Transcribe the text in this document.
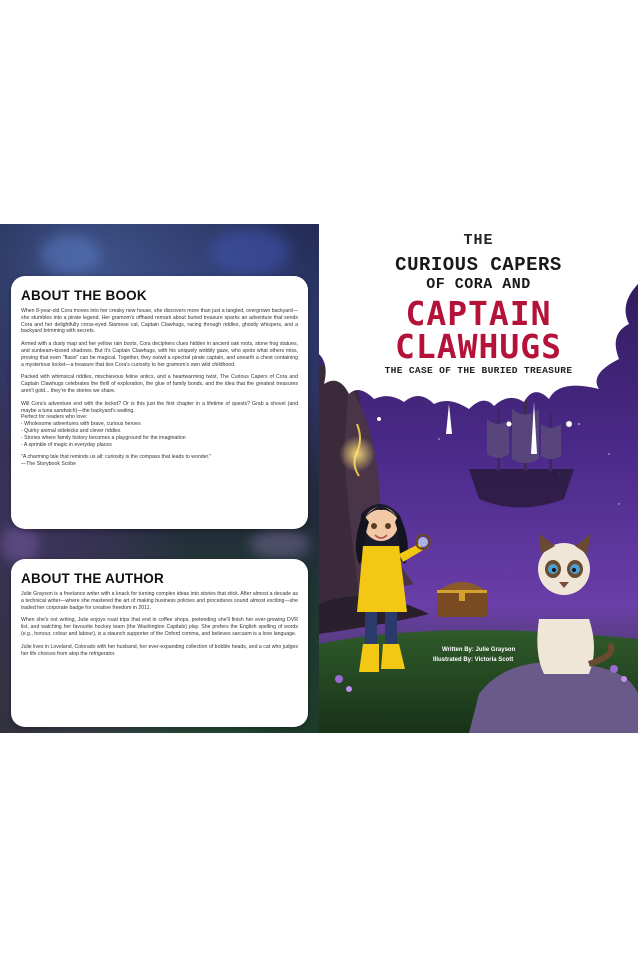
ABOUT THE BOOK

When 8-year-old Cora moves into her creaky new house, she discovers more than just a tangled, overgrown backyard—she stumbles into a pirate legend. Her gramom's offhand remark about buried treasure sparks an adventure that sends Cora and her delightfully cross-eyed Siamese cat, Captain Clawhugs, racing through riddles, ghostly whispers, and a backyard brimming with secrets.

Armed with a dusty map and her yellow rain boots, Cora deciphers clues hidden in ancient oak roots, stone frog statues, and sunbeam-kissed shadows. But it's Captain Clawhugs, with his uniquely wobbly gaze, who spots what others miss, proving that even "flaws" can be magical. Together, they outwit a spectral pirate captain, and unearth a chest containing a mysterious locket—a treasure that ties Cora's curiosity to her gramom's own wild childhood.

Packed with whimsical riddles, mischievous feline antics, and a heartwarming twist, The Curious Capers of Cora and Captain Clawhugs celebrates the thrill of exploration, the glue of family bonds, and the idea that the greatest treasures aren't gold... they're the stories we share.

Will Cora's adventure end with the locket? Or is this just the first chapter in a lifetime of quests? Grab a shovel (and maybe a tuna sandwich)—the backyard's waiting.

Perfect for readers who love:

- Wholesome adventures with brave, curious heroes
- Quirky animal sidekicks and clever riddles
- Stories where family history becomes a playground for the imagination
- A sprinkle of magic in everyday places

"A charming tale that reminds us all: curiosity is the compass that leads to wonder."

—The Storybook Scribe

ABOUT THE AUTHOR

Julie Grayson is a freelance writer with a knack for turning complex ideas into stories that stick. After almost a decade as a technical writer—where she mastered the art of making business policies and procedures sound almost exciting—she traded her corporate badge for creative freedom in 2011.

When she's not writing, Julie enjoys road trips that end in coffee shops, pretending she'll finish her ever-growing DVR list, and watching her favourite hockey team (the Washington Capitals) play. She prefers the English spelling of words (e.g., honour, colour and labour), is a staunch supporter of the Oxford comma, and believes sarcasm is a love language.

Julie lives in Loveland, Colorado with her husband, her ever-expanding collection of bobble heads, and a cat who judges her life choices from atop the refrigerator.

THE
CURIOUS CAPERS
OF CORA AND
CAPTAIN
CLAWHUGS
THE CASE OF THE BURIED TREASURE
Written By: Julie Grayson
Illustrated By: Victoria Scott
